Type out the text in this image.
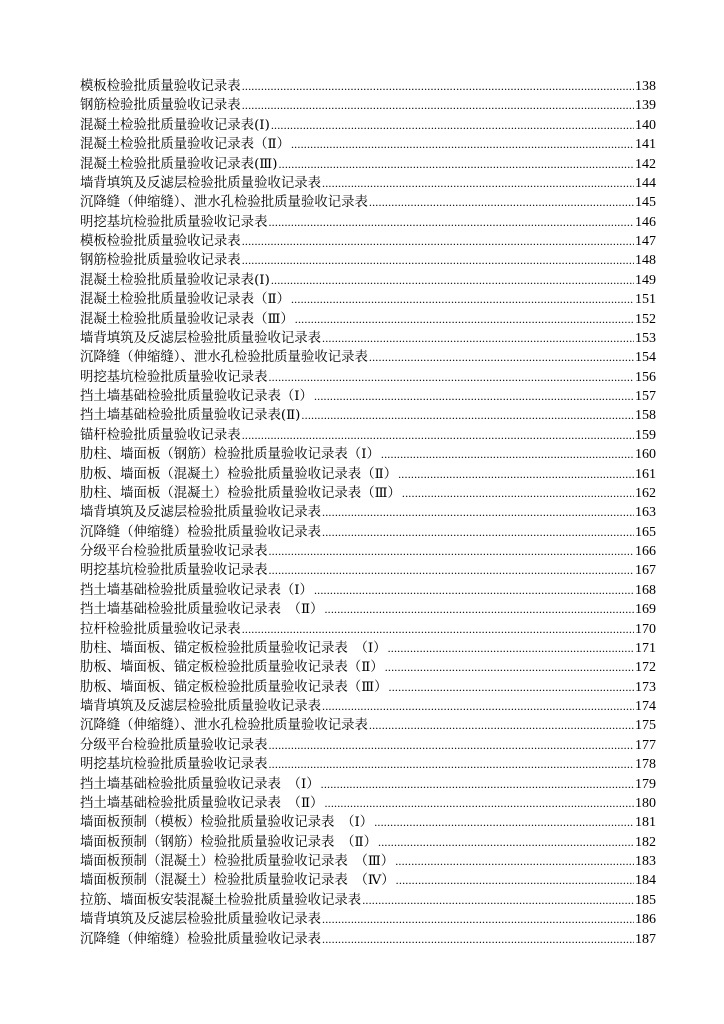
模板检验批质量验收记录表 .....	138
钢筋检验批质量验收记录表 .....	139
混凝土检验批质量验收记录表(Ⅰ) .....	140
混凝土检验批质量验收记录表（Ⅱ） .....	141
混凝土检验批质量验收记录表(Ⅲ) .....	142
墙背填筑及反滤层检验批质量验收记录表 .....	144
沉降缝（伸缩缝）、泄水孔检验批质量验收记录表 .....	145
明挖基坑检验批质量验收记录表 .....	146
模板检验批质量验收记录表 .....	147
钢筋检验批质量验收记录表 .....	148
混凝土检验批质量验收记录表(Ⅰ) .....	149
混凝土检验批质量验收记录表（Ⅱ） .....	151
混凝土检验批质量验收记录表（Ⅲ） .....	152
墙背填筑及反滤层检验批质量验收记录表 .....	153
沉降缝（伸缩缝）、泄水孔检验批质量验收记录表 .....	154
明挖基坑检验批质量验收记录表 .....	156
挡土墙基础检验批质量验收记录表（Ⅰ） .....	157
挡土墙基础检验批质量验收记录表(Ⅱ) .....	158
锚杆检验批质量验收记录表 .....	159
肋柱、墙面板（钢筋）检验批质量验收记录表（Ⅰ） .....	160
肋板、墙面板（混凝土）检验批质量验收记录表（Ⅱ） .....	161
肋柱、墙面板（混凝土）检验批质量验收记录表（Ⅲ） .....	162
墙背填筑及反滤层检验批质量验收记录表 .....	163
沉降缝（伸缩缝）检验批质量验收记录表 .....	165
分级平台检验批质量验收记录表 .....	166
明挖基坑检验批质量验收记录表 .....	167
挡土墙基础检验批质量验收记录表（Ⅰ） .....	168
挡土墙基础检验批质量验收记录表　（Ⅱ） .....	169
拉杆检验批质量验收记录表 .....	170
肋柱、墙面板、锚定板检验批质量验收记录表　（Ⅰ） .....	171
肋板、墙面板、锚定板检验批质量验收记录表（Ⅱ） .....	172
肋板、墙面板、锚定板检验批质量验收记录表（Ⅲ） .....	173
墙背填筑及反滤层检验批质量验收记录表 .....	174
沉降缝（伸缩缝）、泄水孔检验批质量验收记录表 .....	175
分级平台检验批质量验收记录表 .....	177
明挖基坑检验批质量验收记录表 .....	178
挡土墙基础检验批质量验收记录表　（Ⅰ） .....	179
挡土墙基础检验批质量验收记录表　（Ⅱ） .....	180
墙面板预制（模板）检验批质量验收记录表　（Ⅰ） .....	181
墙面板预制（钢筋）检验批质量验收记录表　（Ⅱ） .....	182
墙面板预制（混凝土）检验批质量验收记录表　（Ⅲ） .....	183
墙面板预制（混凝土）检验批质量验收记录表　（Ⅳ） .....	184
拉筋、墙面板安装混凝土检验批质量验收记录表 .....	185
墙背填筑及反滤层检验批质量验收记录表 .....	186
沉降缝（伸缩缝）检验批质量验收记录表 .....	187
